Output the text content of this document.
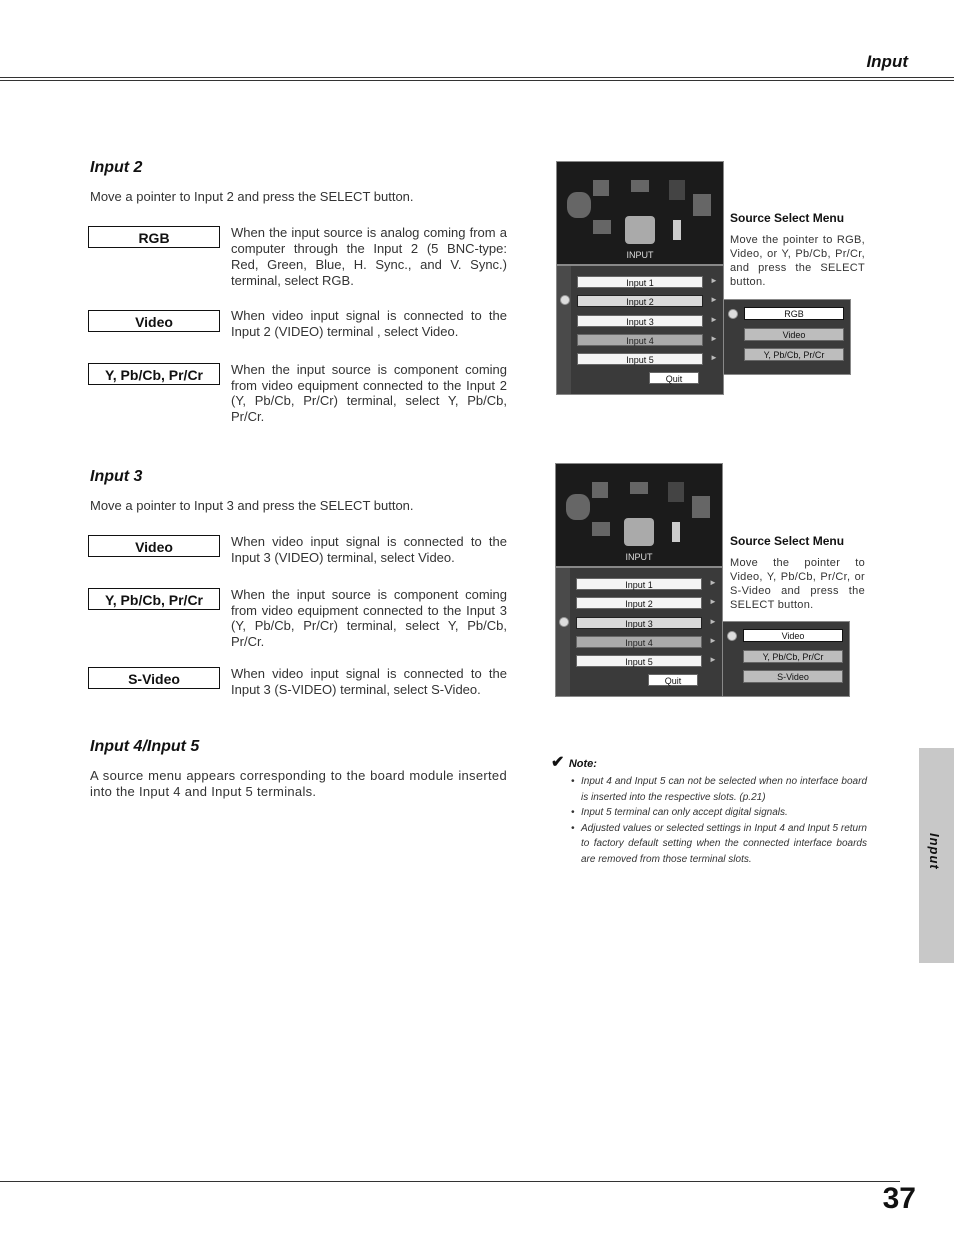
Input
Input 2
Move a pointer to Input 2 and press the SELECT button.
RGB	When the input source is analog coming from a computer through the Input 2 (5 BNC-type: Red, Green, Blue, H. Sync., and V. Sync.) terminal, select RGB.
Video	When video input signal is connected to the Input 2 (VIDEO) terminal , select Video.
Y, Pb/Cb, Pr/Cr	When the input source is component coming from video equipment connected to the Input 2 (Y, Pb/Cb, Pr/Cr) terminal, select Y, Pb/Cb, Pr/Cr.
Input 3
Move a pointer to Input 3 and press the SELECT button.
Video	When video input signal is connected to the Input 3 (VIDEO) terminal, select Video.
Y, Pb/Cb, Pr/Cr	When the input source is component coming from video equipment connected to the Input 3 (Y, Pb/Cb, Pr/Cr) terminal, select Y, Pb/Cb, Pr/Cr.
S-Video	When video input signal is connected to the Input 3 (S-VIDEO) terminal, select S-Video.
Input 4/Input 5
A source menu appears corresponding to the board module inserted into the Input 4 and Input 5 terminals.
INPUT
Input 1	►
Input 2	►
Input 3	►
Input 4	►
Input 5	►
Quit
RGB
Video
Y, Pb/Cb, Pr/Cr
Source Select Menu
Move the pointer to RGB, Video, or Y, Pb/Cb, Pr/Cr, and press the SELECT button.
INPUT
Input 1	►
Input 2	►
Input 3	►
Input 4	►
Input 5	►
Quit
Video
Y, Pb/Cb, Pr/Cr
S-Video
Source Select Menu
Move the pointer to Video, Y, Pb/Cb, Pr/Cr, or S-Video and press the SELECT button.
✔ Note:
• Input 4 and Input 5 can not be selected when no interface board is inserted into the respective slots. (p.21)
• Input 5 terminal can only accept digital signals.
• Adjusted values or selected settings in Input 4 and Input 5 return to factory default setting when the connected interface boards are removed from those terminal slots.	Input
37
